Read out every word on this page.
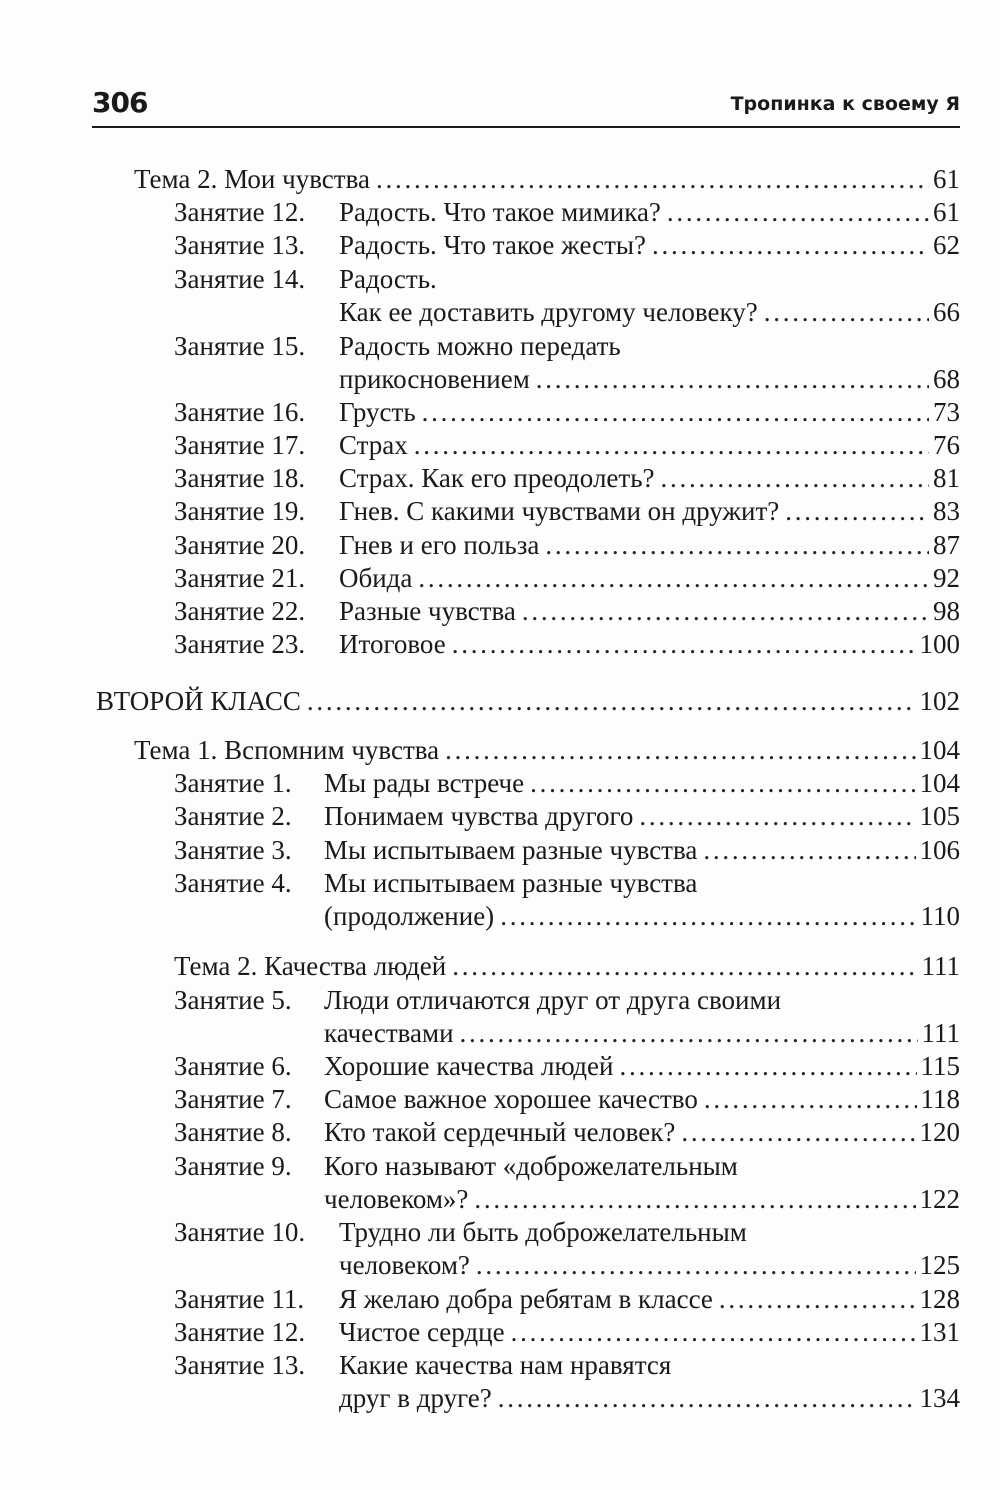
306	Тропинка к своему Я
Тема 2. Мои чувства . . .	61
Занятие 12.	Радость. Что такое мимика? . . .	61
Занятие 13.	Радость. Что такое жесты? . . .	62
Занятие 14.	Радость.
Как ее доставить другому человеку? . . .	66
Занятие 15.	Радость можно передать
прикосновением . . .	68
Занятие 16.	Грусть . . .	73
Занятие 17.	Страх . . .	76
Занятие 18.	Страх. Как его преодолеть? . . .	81
Занятие 19.	Гнев. С какими чувствами он дружит? . . .	83
Занятие 20.	Гнев и его польза . . .	87
Занятие 21.	Обида . . .	92
Занятие 22.	Разные чувства . . .	98
Занятие 23.	Итоговое . . .	100
ВТОРОЙ КЛАСС . . .	102
Тема 1. Вспомним чувства . . .	104
Занятие 1.	Мы рады встрече . . .	104
Занятие 2.	Понимаем чувства другого . . .	105
Занятие 3.	Мы испытываем разные чувства . . .	106
Занятие 4.	Мы испытываем разные чувства
(продолжение) . . .	110
Тема 2. Качества людей . . .	111
Занятие 5.	Люди отличаются друг от друга своими
качествами . . .	111
Занятие 6.	Хорошие качества людей . . .	115
Занятие 7.	Самое важное хорошее качество . . .	118
Занятие 8.	Кто такой сердечный человек? . . .	120
Занятие 9.	Кого называют «доброжелательным
человеком»? . . .	122
Занятие 10.	Трудно ли быть доброжелательным
человеком? . . .	125
Занятие 11.	Я желаю добра ребятам в классе . . .	128
Занятие 12.	Чистое сердце . . .	131
Занятие 13.	Какие качества нам нравятся
друг в друге? . . .	134
